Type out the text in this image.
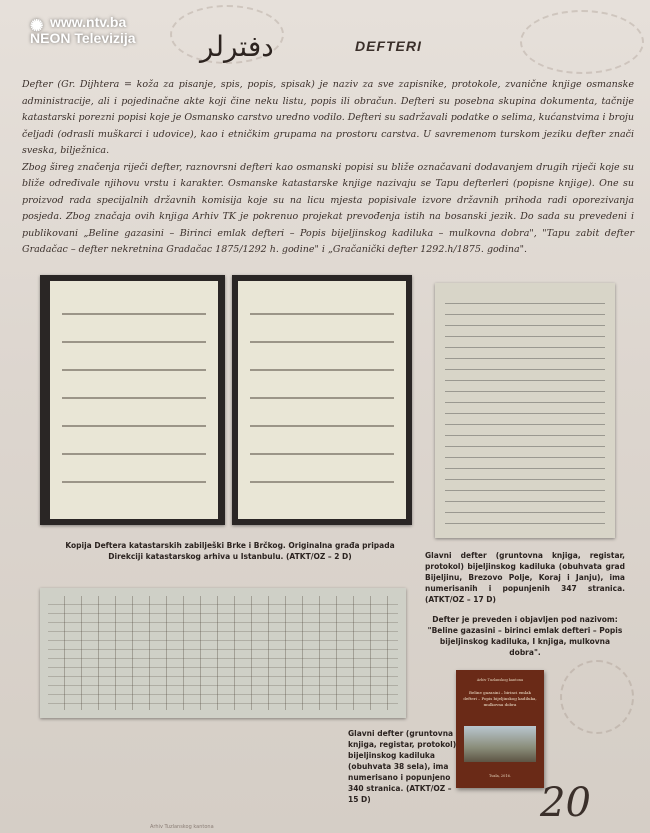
✺ www.ntv.ba
NEON Televizija دفترلر	DEFTERI

Defter (Gr. Dijhtera = koža za pisanje, spis, popis, spisak) je naziv za sve zapisnike, protokole, zvanične knjige osmanske administracije, ali i pojedinačne akte koji čine neku listu, popis ili obračun. Defteri su posebna skupina dokumenta, tačnije katastarski porezni popisi koje je Osmansko carstvo uredno vodilo. Defteri su sadržavali podatke o selima, kućanstvima i broju čeljadi (odrasli muškarci i udovice), kao i etničkim grupama na prostoru carstva. U savremenom turskom jeziku defter znači sveska, bilježnica.

Zbog šireg značenja riječi defter, raznovrsni defteri kao osmanski popisi su bliže označavani dodavanjem drugih riječi koje su bliže određivale njihovu vrstu i karakter. Osmanske katastarske knjige nazivaju se Tapu defterleri (popisne knjige). One su proizvod rada specijalnih državnih komisija koje su na licu mjesta popisivale izvore državnih prihoda radi oporezivanja posjeda. Zbog značaja ovih knjiga Arhiv TK je pokrenuo projekat prevođenja istih na bosanski jezik. Do sada su prevedeni i publikovani „Beline gazasini – Birinci emlak defteri – Popis bijeljinskog kadiluka – mulkovna dobra", "Tapu zabit defter Gradačac – defter nekretnina Gradačac 1875/1292 h. godine" i „Gračanički defter 1292.h/1875. godina".

Kopija Deftera katastarskih zabilješki Brke i Brčkog. Originalna građa pripada Direkciji katastarskog arhiva u Istanbulu. (ATKT/OZ – 2 D)	Glavni defter (gruntovna knjiga, registar, protokol) bijeljinskog kadiluka (obuhvata grad Bijeljinu, Brezovo Polje, Koraj i Janju), ima numerisanih i popunjenih 347 stranica. (ATKT/OZ – 17 D)
Defter je preveden i objavljen pod nazivom: "Beline gazasini – birinci emlak defteri – Popis bijeljinskog kadiluka, I knjiga, mulkovna dobra".
Glavni defter (gruntovna knjiga, registar, protokol) bijeljinskog kadiluka (obuhvata 38 sela), ima numerisano i popunjeno 340 stranica. (ATKT/OZ – 15 D)
Arhiv Tuzlanskog kantona
Beline gazasini – birinci emlak defteri – Popis bijeljinskog kadiluka, mulkovna dobra
Tuzla, 2016.
20
Arhiv Tuzlanskog kantona
